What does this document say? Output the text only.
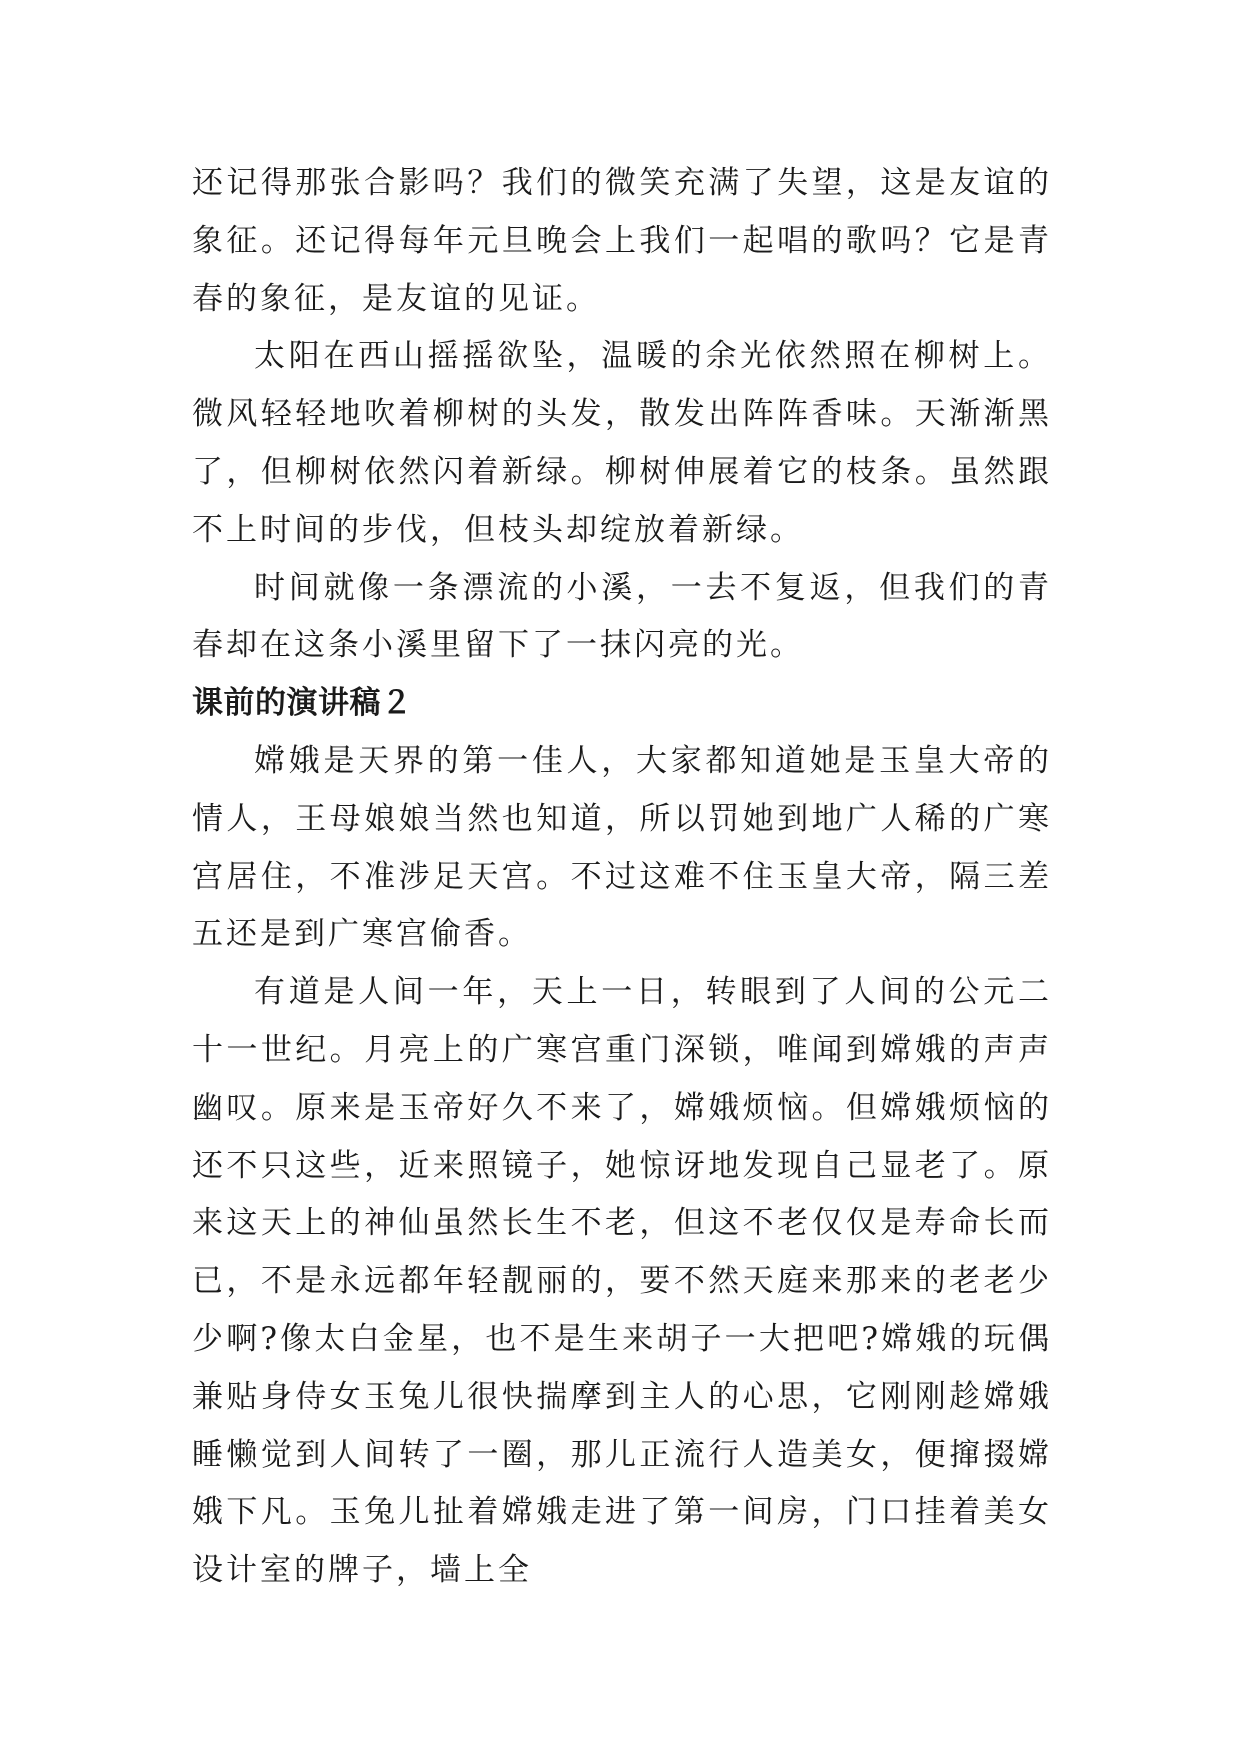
还记得那张合影吗？我们的微笑充满了失望，这是友谊的象征。还记得每年元旦晚会上我们一起唱的歌吗？它是青春的象征，是友谊的见证。

太阳在西山摇摇欲坠，温暖的余光依然照在柳树上。微风轻轻地吹着柳树的头发，散发出阵阵香味。天渐渐黑了，但柳树依然闪着新绿。柳树伸展着它的枝条。虽然跟不上时间的步伐，但枝头却绽放着新绿。

时间就像一条漂流的小溪，一去不复返，但我们的青春却在这条小溪里留下了一抹闪亮的光。

课前的演讲稿２

嫦娥是天界的第一佳人，大家都知道她是玉皇大帝的情人，王母娘娘当然也知道，所以罚她到地广人稀的广寒宫居住，不准涉足天宫。不过这难不住玉皇大帝，隔三差五还是到广寒宫偷香。

有道是人间一年，天上一日，转眼到了人间的公元二十一世纪。月亮上的广寒宫重门深锁，唯闻到嫦娥的声声幽叹。原来是玉帝好久不来了，嫦娥烦恼。但嫦娥烦恼的还不只这些，近来照镜子，她惊讶地发现自己显老了。原来这天上的神仙虽然长生不老，但这不老仅仅是寿命长而已，不是永远都年轻靓丽的，要不然天庭来那来的老老少少啊?像太白金星，也不是生来胡子一大把吧?嫦娥的玩偶兼贴身侍女玉兔儿很快揣摩到主人的心思，它刚刚趁嫦娥睡懒觉到人间转了一圈，那儿正流行人造美女，便撺掇嫦娥下凡。玉兔儿扯着嫦娥走进了第一间房，门口挂着美女设计室的牌子，墙上全
